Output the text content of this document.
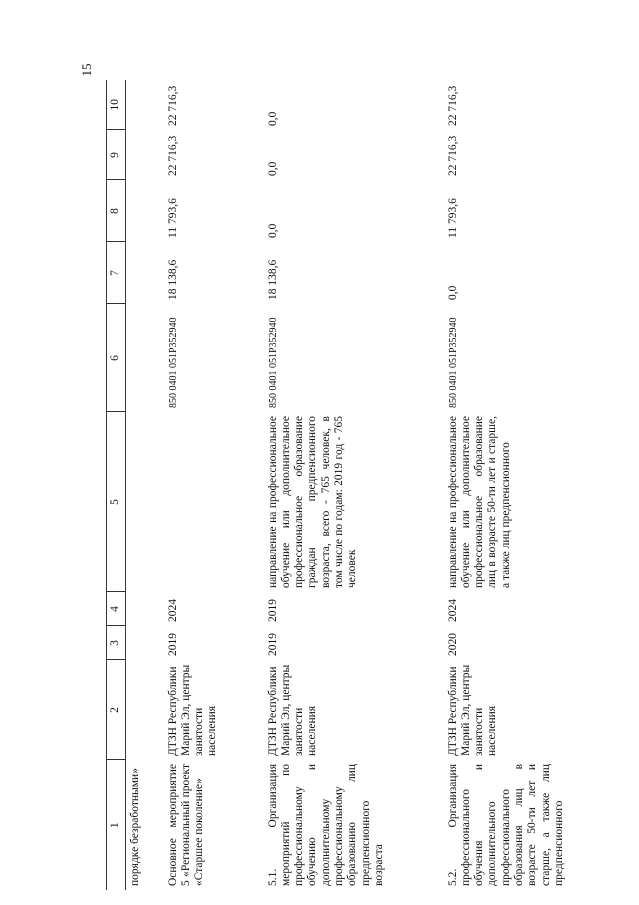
15
1	2	3	4	5	6	7	8	9	10
порядке безработными»									
Основное мероприятие 5 «Региональный проект «Старшее поколение»	ДТЗН Республики Марий Эл, центры занятости населения	2019	2024		850 0401 051P352940	18 138,6	11 793,6	22 716,3	22 716,3
5.1. Организация мероприятий по профессиональному обучению и дополнительному профессиональному образованию лиц предпенсионного возраста	ДТЗН Республики Марий Эл, центры занятости населения	2019	2019	направление на профессиональное обучение или дополнительное профессиональное образование граждан предпенсионного возраста, всего - 765 человек, в том числе по годам: 2019 год - 765 человек	850 0401 051P352940	18 138,6	0,0	0,0	0,0
5.2. Организация профессионального обучения и дополнительного профессионального образования лиц в возрасте 50-ти лет и старше, а также лиц предпенсионного	ДТЗН Республики Марий Эл, центры занятости населения	2020	2024	направление на профессиональное обучение или дополнительное профессиональное образование лиц в возрасте 50-ти лет и старше, а также лиц предпенсионного	850 0401 051P352940	0,0	11 793,6	22 716,3	22 716,3
